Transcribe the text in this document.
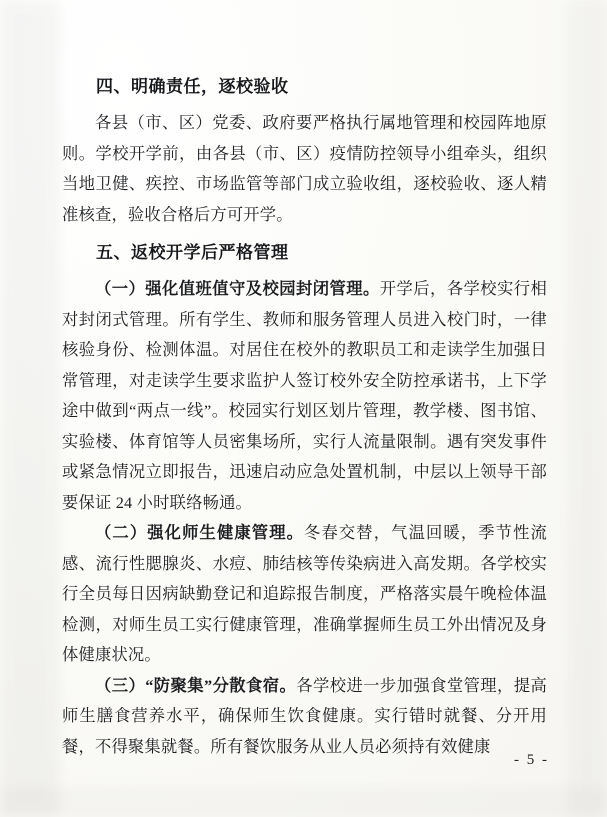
四、明确责任，逐校验收

各县（市、区）党委、政府要严格执行属地管理和校园阵地原则。学校开学前，由各县（市、区）疫情防控领导小组牵头，组织当地卫健、疾控、市场监管等部门成立验收组，逐校验收、逐人精准核查，验收合格后方可开学。

五、返校开学后严格管理

（一）强化值班值守及校园封闭管理。开学后，各学校实行相对封闭式管理。所有学生、教师和服务管理人员进入校门时，一律核验身份、检测体温。对居住在校外的教职员工和走读学生加强日常管理，对走读学生要求监护人签订校外安全防控承诺书，上下学途中做到“两点一线”。校园实行划区划片管理，教学楼、图书馆、实验楼、体育馆等人员密集场所，实行人流量限制。遇有突发事件或紧急情况立即报告，迅速启动应急处置机制，中层以上领导干部要保证 24 小时联络畅通。

（二）强化师生健康管理。冬春交替，气温回暖，季节性流感、流行性腮腺炎、水痘、肺结核等传染病进入高发期。各学校实行全员每日因病缺勤登记和追踪报告制度，严格落实晨午晚检体温检测，对师生员工实行健康管理，准确掌握师生员工外出情况及身体健康状况。

（三）“防聚集”分散食宿。各学校进一步加强食堂管理，提高师生膳食营养水平，确保师生饮食健康。实行错时就餐、分开用餐，不得聚集就餐。所有餐饮服务从业人员必须持有效健康

- 5 -
